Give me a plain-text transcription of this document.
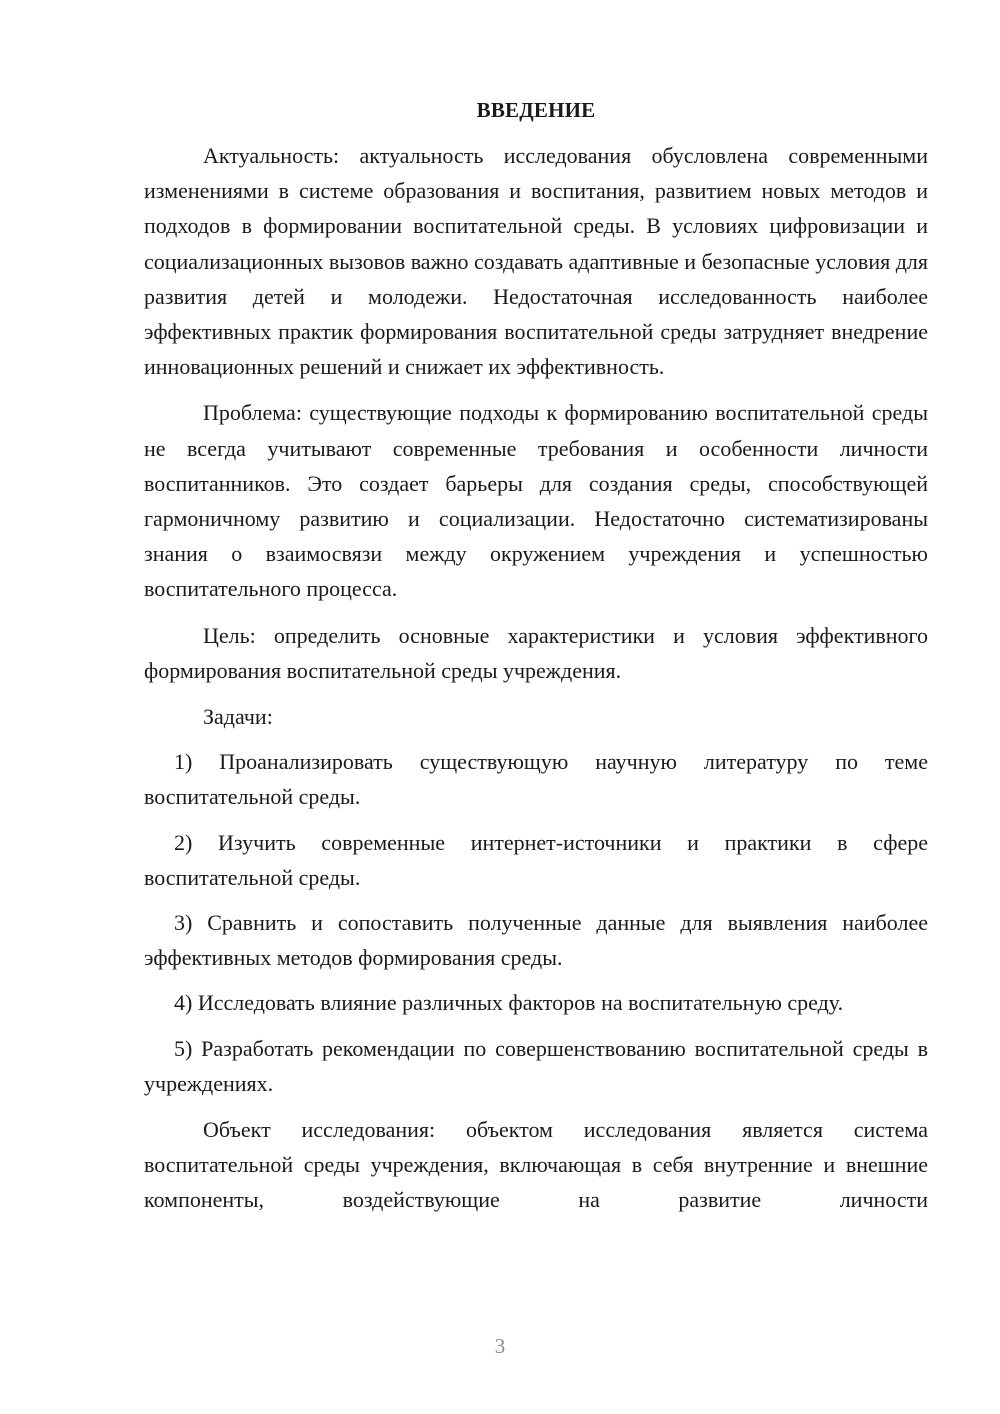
ВВЕДЕНИЕ

Актуальность: актуальность исследования обусловлена современными изменениями в системе образования и воспитания, развитием новых методов и подходов в формировании воспитательной среды. В условиях цифровизации и социализационных вызовов важно создавать адаптивные и безопасные условия для развития детей и молодежи. Недостаточная исследованность наиболее эффективных практик формирования воспитательной среды затрудняет внедрение инновационных решений и снижает их эффективность.

Проблема: существующие подходы к формированию воспитательной среды не всегда учитывают современные требования и особенности личности воспитанников. Это создает барьеры для создания среды, способствующей гармоничному развитию и социализации. Недостаточно систематизированы знания о взаимосвязи между окружением учреждения и успешностью воспитательного процесса.

Цель: определить основные характеристики и условия эффективного формирования воспитательной среды учреждения.

Задачи:

1) Проанализировать существующую научную литературу по теме воспитательной среды.

2) Изучить современные интернет-источники и практики в сфере воспитательной среды.

3) Сравнить и сопоставить полученные данные для выявления наиболее эффективных методов формирования среды.

4) Исследовать влияние различных факторов на воспитательную среду.

5) Разработать рекомендации по совершенствованию воспитательной среды в учреждениях.

Объект исследования: объектом исследования является система воспитательной среды учреждения, включающая в себя внутренние и внешние компоненты, воздействующие на развитие личности

3
